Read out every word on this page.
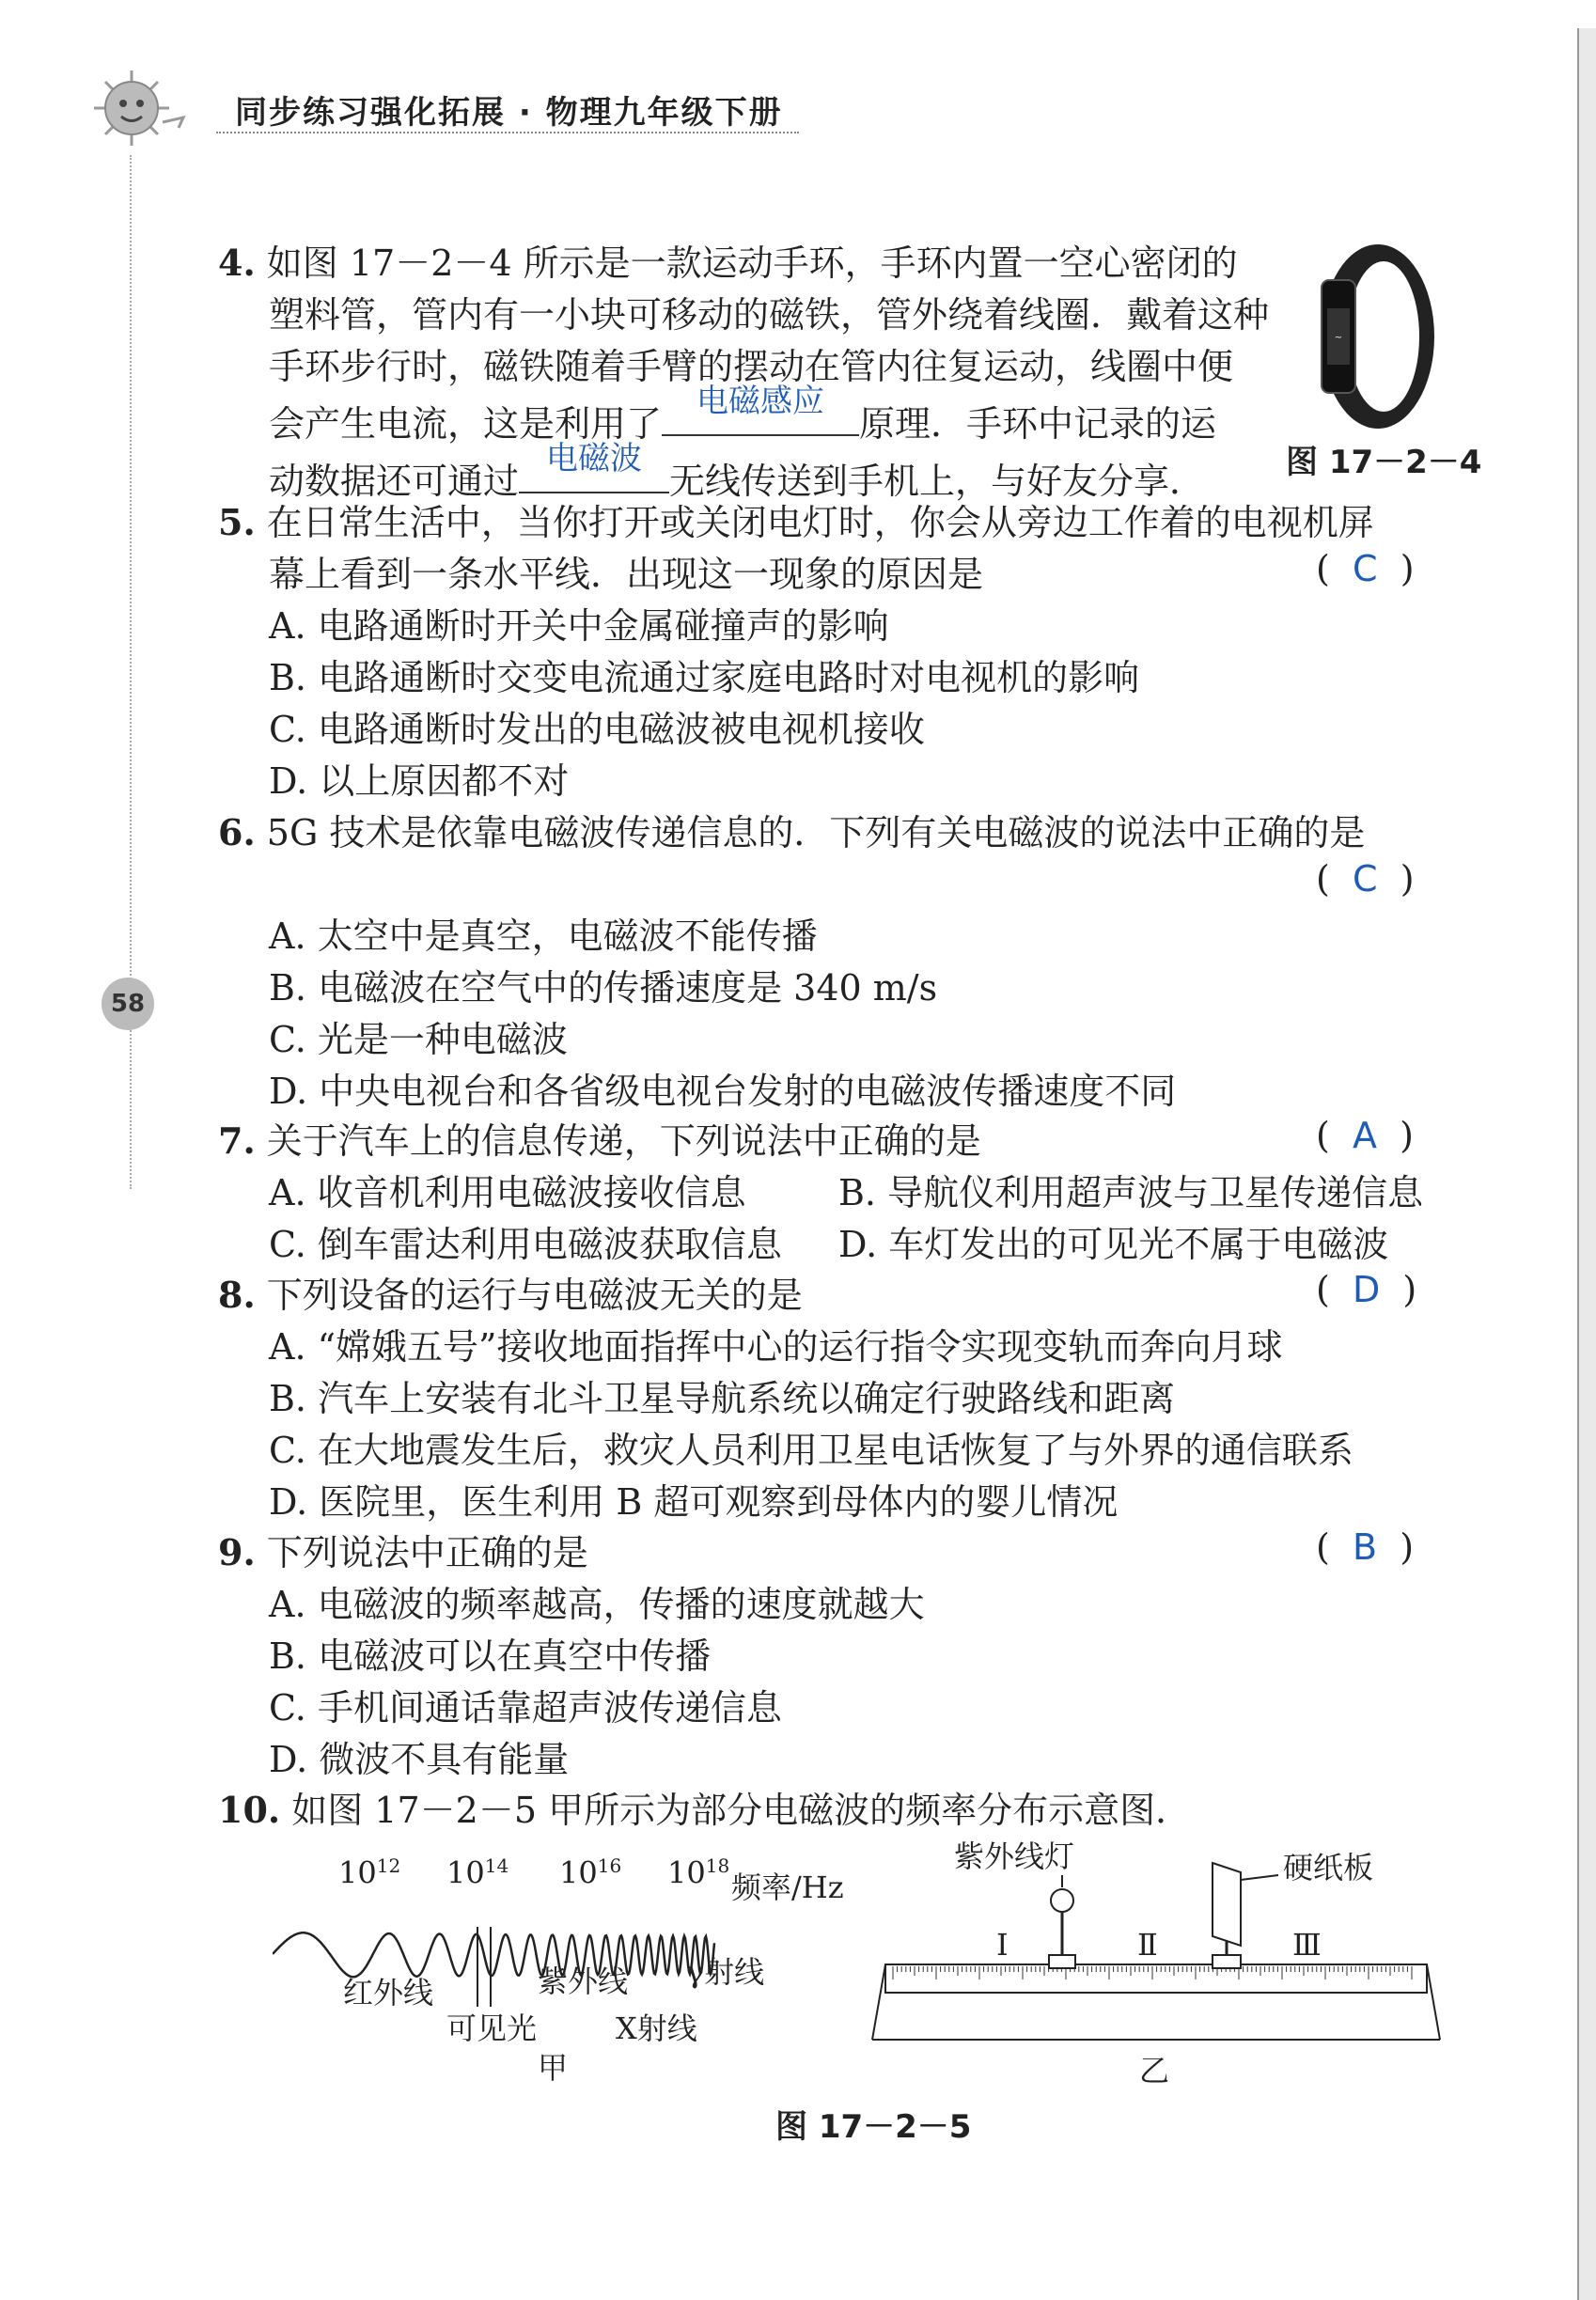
同步练习强化拓展 · 物理九年级下册
58
4. 如图 17－2－4 所示是一款运动手环，手环内置一空心密闭的
塑料管，管内有一小块可移动的磁铁，管外绕着线圈．戴着这种
手环步行时，磁铁随着手臂的摆动在管内往复运动，线圈中便
会产生电流，这是利用了
电磁感应
原理．手环中记录的运
动数据还可通过
电磁波
无线传送到手机上，与好友分享．
~
图 17－2－4
5. 在日常生活中，当你打开或关闭电灯时，你会从旁边工作着的电视机屏
幕上看到一条水平线．出现这一现象的原因是
A. 电路通断时开关中金属碰撞声的影响
B. 电路通断时交变电流通过家庭电路时对电视机的影响
C. 电路通断时发出的电磁波被电视机接收
D. 以上原因都不对
(  C  )
6. 5G 技术是依靠电磁波传递信息的．下列有关电磁波的说法中正确的是
A. 太空中是真空，电磁波不能传播
B. 电磁波在空气中的传播速度是 340 m/s
C. 光是一种电磁波
D. 中央电视台和各省级电视台发射的电磁波传播速度不同
(  C  )
7. 关于汽车上的信息传递，下列说法中正确的是
A. 收音机利用电磁波接收信息	B. 导航仪利用超声波与卫星传递信息
C. 倒车雷达利用电磁波获取信息 D. 车灯发出的可见光不属于电磁波
(  A  )
8. 下列设备的运行与电磁波无关的是
A. “嫦娥五号”接收地面指挥中心的运行指令实现变轨而奔向月球
B. 汽车上安装有北斗卫星导航系统以确定行驶路线和距离
C. 在大地震发生后，救灾人员利用卫星电话恢复了与外界的通信联系
D. 医院里，医生利用 B 超可观察到母体内的婴儿情况
(  D  )
9. 下列说法中正确的是
A. 电磁波的频率越高，传播的速度就越大
B. 电磁波可以在真空中传播
C. 手机间通话靠超声波传递信息
D. 微波不具有能量
(  B  )
10. 如图 17－2－5 甲所示为部分电磁波的频率分布示意图．
$10^{12}$ $10^{14}$ $10^{16}$ $10^{18}$
频率/Hz
红外线
可见光
紫外线
X射线
γ射线
甲
紫外线灯	硬纸板
Ⅰ	Ⅱ	Ⅲ
乙
图 17－2－5
